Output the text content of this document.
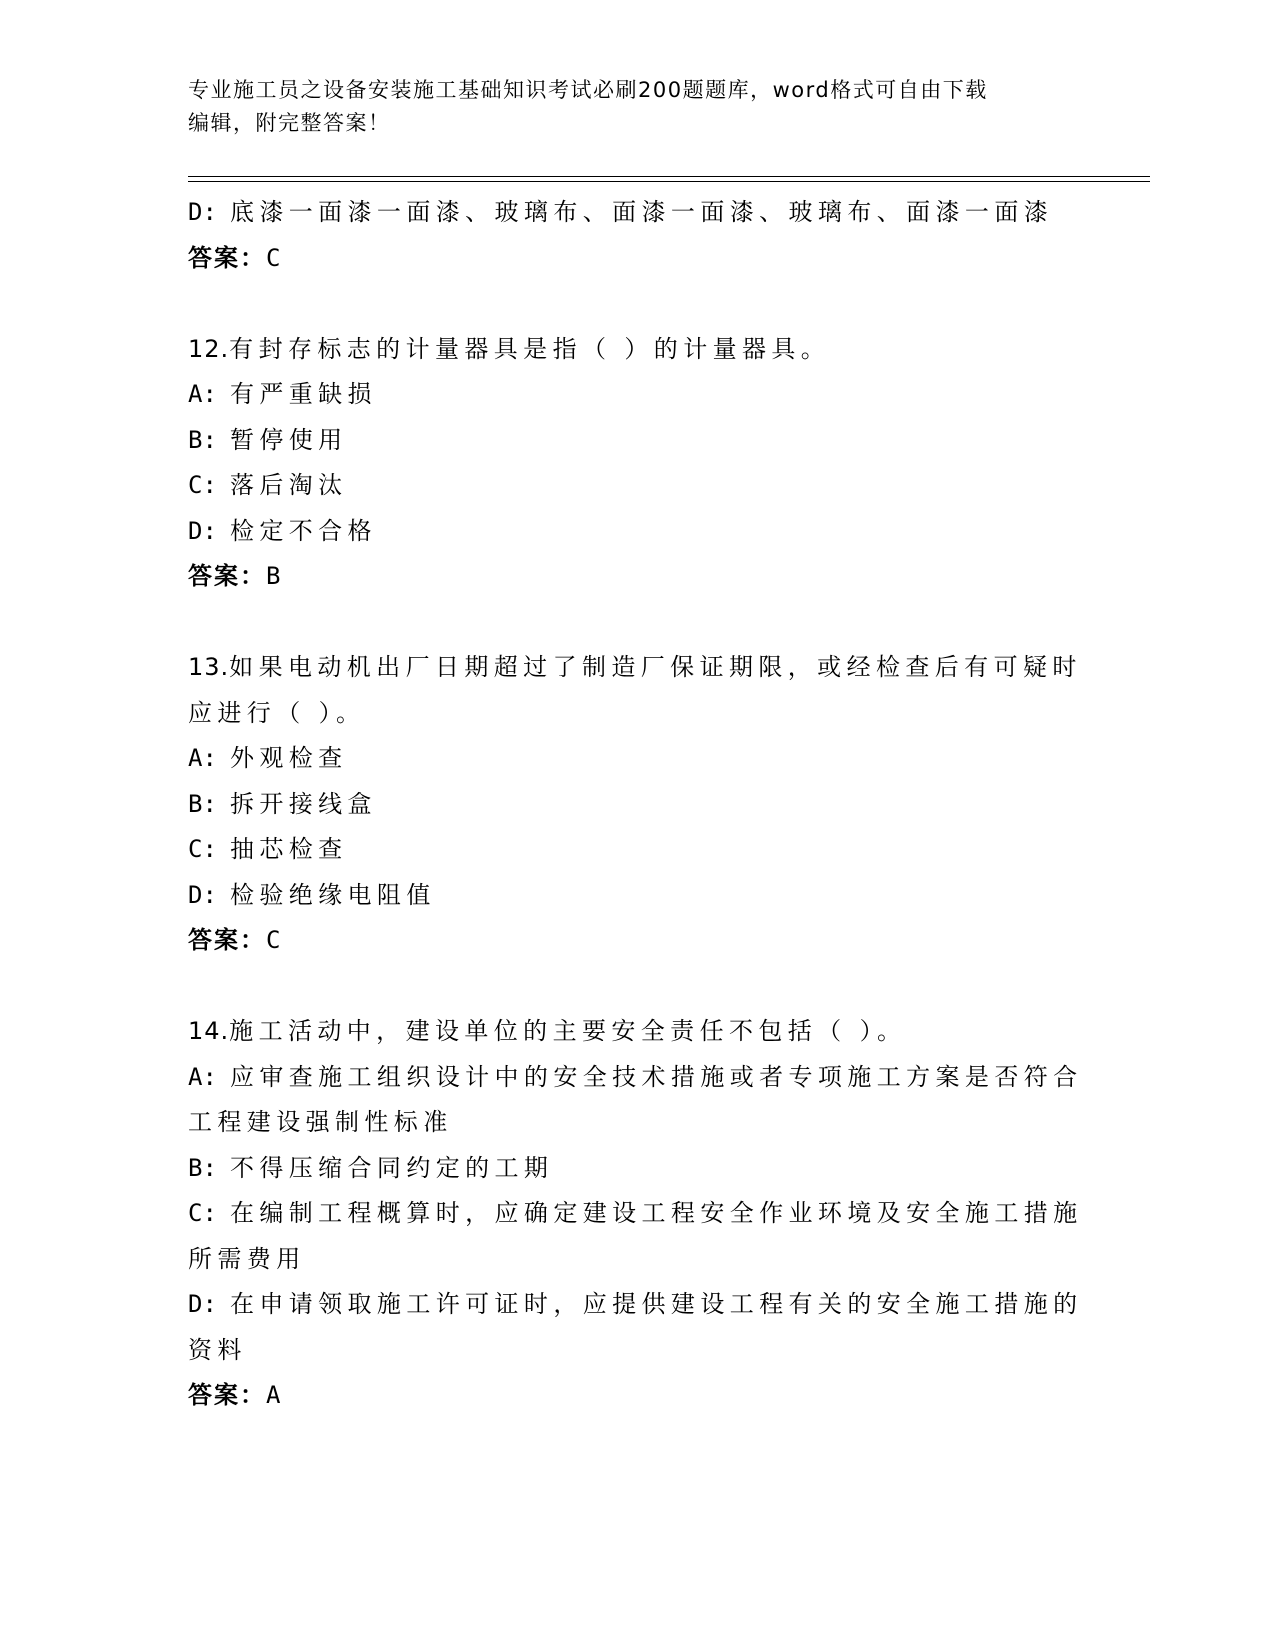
专业施工员之设备安装施工基础知识考试必刷200题题库，word格式可自由下载
编辑，附完整答案！
D: 底漆一面漆一面漆、玻璃布、面漆一面漆、玻璃布、面漆一面漆
答案：C
12.有封存标志的计量器具是指（ ）的计量器具。
A: 有严重缺损
B: 暂停使用
C: 落后淘汰
D: 检定不合格
答案：B
13.如果电动机出厂日期超过了制造厂保证期限，或经检查后有可疑时
应进行（ ）。
A: 外观检查
B: 拆开接线盒
C: 抽芯检查
D: 检验绝缘电阻值
答案：C
14.施工活动中，建设单位的主要安全责任不包括（ ）。
A: 应审查施工组织设计中的安全技术措施或者专项施工方案是否符合
工程建设强制性标准
B: 不得压缩合同约定的工期
C: 在编制工程概算时，应确定建设工程安全作业环境及安全施工措施
所需费用
D: 在申请领取施工许可证时，应提供建设工程有关的安全施工措施的
资料
答案：A
